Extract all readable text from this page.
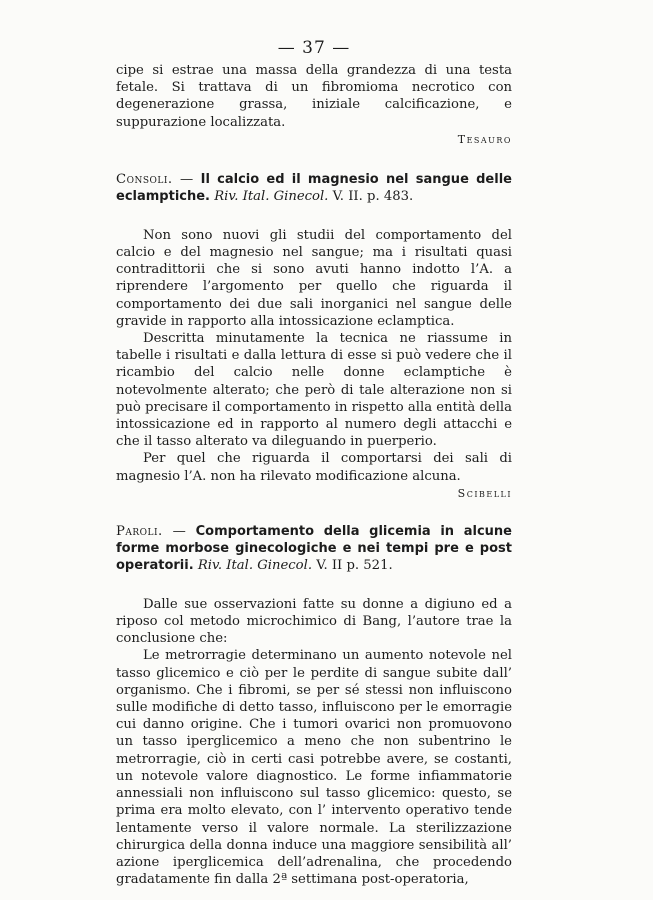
— 37 —

cipe si estrae una massa della grandezza di una testa fetale. Si trattava di un fibromioma necrotico con degenerazione grassa, iniziale calcificazione, e suppurazione localizzata.

Tesauro

Consoli. — Il calcio ed il magnesio nel sangue delle eclamptiche. Riv. Ital. Ginecol. V. II. p. 483.

Non sono nuovi gli studii del comportamento del calcio e del magnesio nel sangue; ma i risultati quasi contradittorii che si sono avuti hanno indotto l’A. a riprendere l’argomento per quello che riguarda il comportamento dei due sali inorganici nel sangue delle gravide in rapporto alla intossicazione eclamptica.

Descritta minutamente la tecnica ne riassume in tabelle i risultati e dalla lettura di esse si può vedere che il ricambio del calcio nelle donne eclamptiche è notevolmente alterato; che però di tale alterazione non si può precisare il comportamento in rispetto alla entità della intossicazione ed in rapporto al numero degli attacchi e che il tasso alterato va dileguando in puerperio.

Per quel che riguarda il comportarsi dei sali di magnesio l’A. non ha rilevato modificazione alcuna.

Scibelli

Paroli. — Comportamento della glicemia in alcune forme morbose ginecologiche e nei tempi pre e post operatorii. Riv. Ital. Ginecol. V. II p. 521.

Dalle sue osservazioni fatte su donne a digiuno ed a riposo col metodo microchimico di Bang, l’autore trae la conclusione che:

Le metrorragie determinano un aumento notevole nel tasso glicemico e ciò per le perdite di sangue subite dall’ organismo. Che i fibromi, se per sé stessi non influiscono sulle modifiche di detto tasso, influiscono per le emorragie cui danno origine. Che i tumori ovarici non promuovono un tasso iperglicemico a meno che non subentrino le metrorragie, ciò in certi casi potrebbe avere, se costanti, un notevole valore diagnostico. Le forme infiammatorie annessiali non influiscono sul tasso glicemico: questo, se prima era molto elevato, con l’ intervento operativo tende lentamente verso il valore normale. La sterilizzazione chirurgica della donna induce una maggiore sensibilità all’ azione iperglicemica dell’adrenalina, che procedendo gradatamente fin dalla 2ª settimana post-operatoria,
